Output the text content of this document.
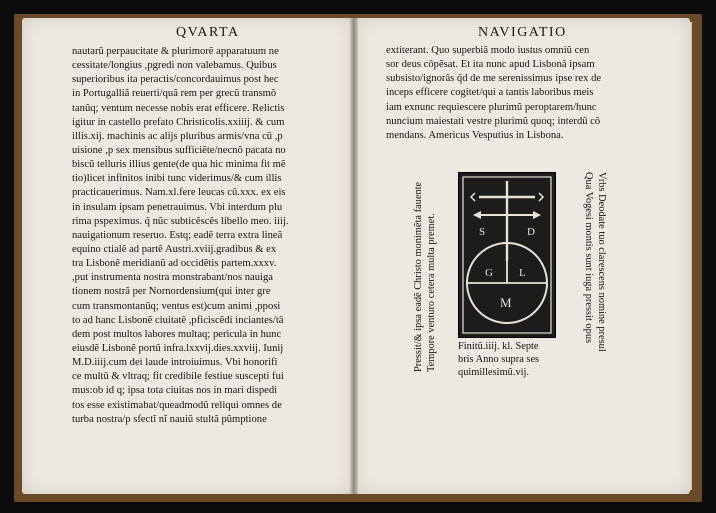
QVARTA	NAVIGATIO
nautarũ perpaucitate & plurimorẽ apparatuum ne
cessitate/longius ,pgredi non valebamus. Quibus
superioribus ita peractis/concordauimus post hec
in Portugalliã reuerti/quã rem per grecũ transmõ
tanũq; ventum necesse nobis erat efficere. Relictis
igitur in castello prefato Christicolis.xxiiij. & cum
illis.xij. machinis ac alijs pluribus armis/vna cũ ,p
uisione ,p sex mensibus sufficiẽte/necnõ pacata no
biscũ telluris illius gente(de qua hic minima fit mẽ
tio)licet infinitos inibi tunc viderimus/& cum illis
practicauerimus. Nam.xl.fere leucas cũ.xxx. ex eis
in insulam ipsam penetrauimus. Vbi interdum plu
rima pspeximus. q̃ nũc subticẽscẽs libello meo. iiij.
nauigationum reseruo. Estq; eadẽ terra extra lineã
equino ctialẽ ad partẽ Austri.xviij.gradibus & ex
tra Lisbonẽ meridianũ ad occidẽtis partem.xxxv.
,put instrumenta nostra monstrabant/nos nauiga
tionem nostrã per Nornordensium(qui inter gre
cum transmontanũq; ventus est)cum animi ,pposi
to ad hanc Lisbonẽ ciuitatẽ ,pficiscẽdi inciantes/tã
dem post multos labores multaq; pericula in hunc
eiusdẽ Lisbonẽ portũ infra.lxxvij.dies.xxviij. Iunij
M.D.iiij.cum dei laude introiuimus. Vbi honorifi
ce multũ & vltraq; fit credibile festiue suscepti fui
mus:ob id q; ipsa tota ciuitas nos in mari dispedi
tos esse existimabat/queadmodũ reliqui omnes de
turba nostra/p sfectĩ nĩ nauiũ stultã pũmptione
extiterant. Quo superbiã modo iustus omniũ cen
sor deus cõpẽsat. Et ita nunc apud Lisbonã ipsam
subsisto/ignorãs q̃d de me serenissimus ipse rex de
inceps efficere cogitet/qui a tantis laboribus meis
iam exnunc requiescere plurimũ peroptarem/hunc
nuncium maiestati vestre plurimũ quoq; interdũ cõ
mendans. Americus Vesputius in Lisbona.
S	D
G L
M	Vrbs Deodate tuo clarescens nomine presul
Qua Vogesi montis sunt iuga pressit opus
Pressit/& ipsa eadẽ Christo monimẽta fauente Tempore venturo cetera multa premet.	Finitũ.iiij. kl. Septe
bris Anno supra ses
quimillesimũ.vij.
